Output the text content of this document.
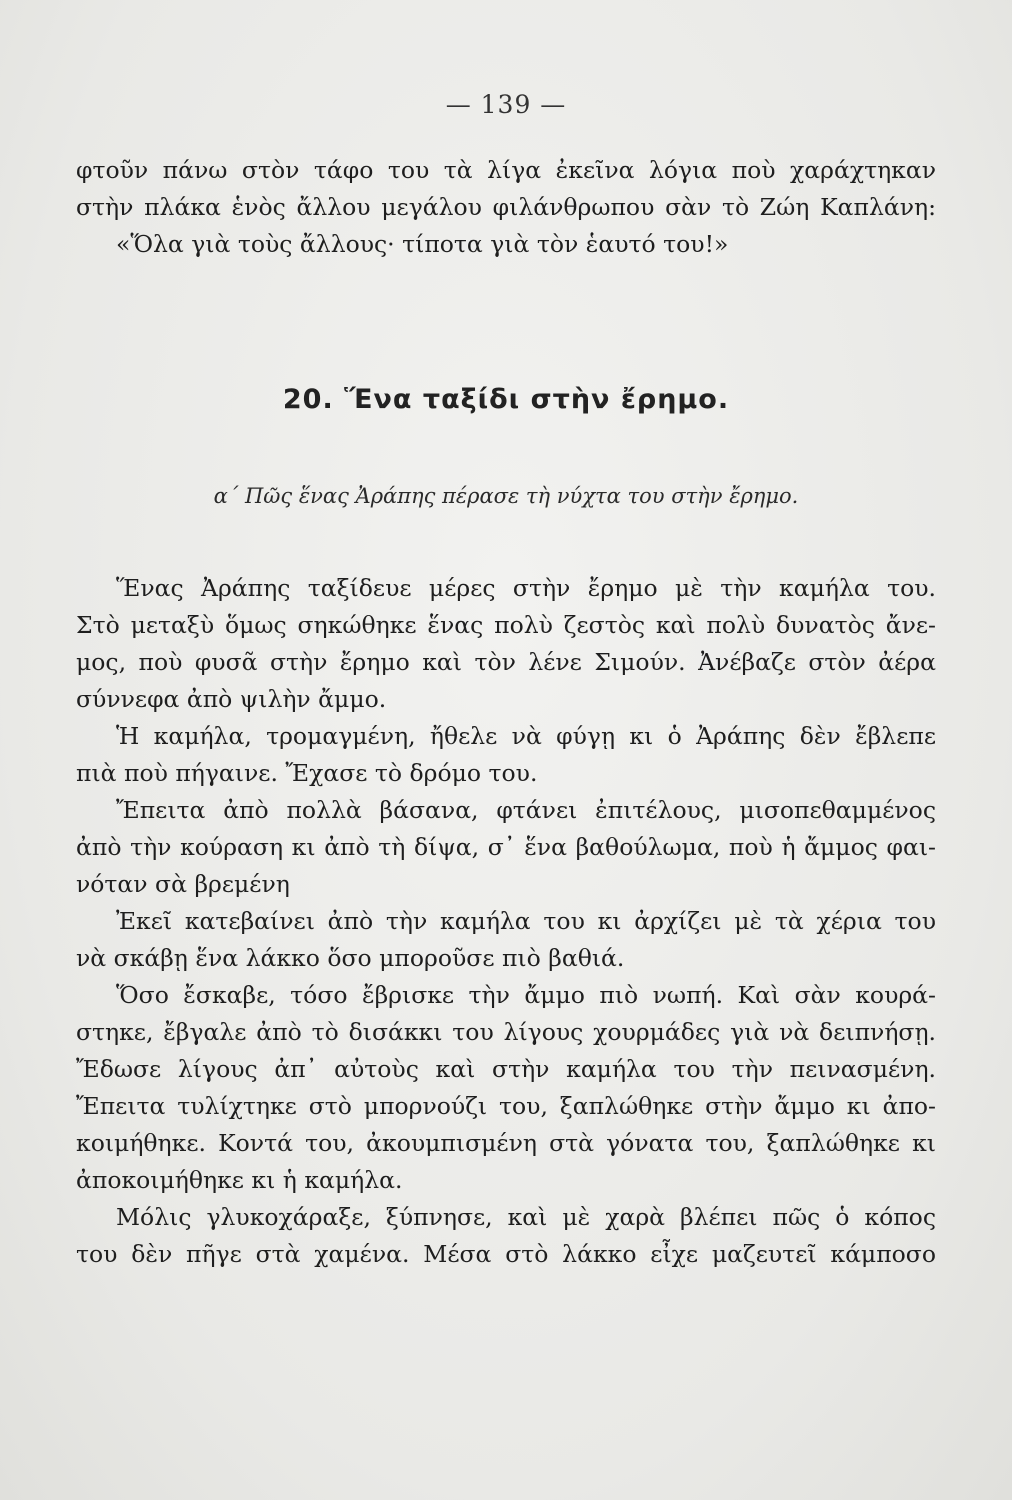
— 139 —
φτοῦν πάνω στὸν τάφο του τὰ λίγα ἐκεῖνα λόγια ποὺ χαράχτηκαν
στὴν πλάκα ἑνὸς ἄλλου μεγάλου φιλάνθρωπου σὰν τὸ Ζώη Καπλάνη:
«Ὅλα γιὰ τοὺς ἄλλους· τίποτα γιὰ τὸν ἑαυτό του!»
20. Ἕνα ταξίδι στὴν ἔρημο.
α΄ Πῶς ἕνας Ἀράπης πέρασε τὴ νύχτα του στὴν ἔρημο.
Ἕνας Ἀράπης ταξίδευε μέρες στὴν ἔρημο μὲ τὴν καμήλα του.
Στὸ μεταξὺ ὅμως σηκώθηκε ἕνας πολὺ ζεστὸς καὶ πολὺ δυνατὸς ἄνε-
μος, ποὺ φυσᾶ στὴν ἔρημο καὶ τὸν λένε Σιμούν. Ἀνέβαζε στὸν ἀέρα
σύννεφα ἀπὸ ψιλὴν ἄμμο.
Ἡ καμήλα, τρομαγμένη, ἤθελε νὰ φύγῃ κι ὁ Ἀράπης δὲν ἔβλεπε
πιὰ ποὺ πήγαινε. Ἔχασε τὸ δρόμο του.
Ἔπειτα ἀπὸ πολλὰ βάσανα, φτάνει ἐπιτέλους, μισοπεθαμμένος
ἀπὸ τὴν κούραση κι ἀπὸ τὴ δίψα, σ᾿ ἕνα βαθούλωμα, ποὺ ἡ ἄμμος φαι-
νόταν σὰ βρεμένη
Ἐκεῖ κατεβαίνει ἀπὸ τὴν καμήλα του κι ἀρχίζει μὲ τὰ χέρια του
νὰ σκάβῃ ἕνα λάκκο ὅσο μποροῦσε πιὸ βαθιά.
Ὅσο ἔσκαβε, τόσο ἔβρισκε τὴν ἄμμο πιὸ νωπή. Καὶ σὰν κουρά-
στηκε, ἔβγαλε ἀπὸ τὸ δισάκκι του λίγους χουρμάδες γιὰ νὰ δειπνήσῃ.
Ἔδωσε λίγους ἀπ᾿ αὐτοὺς καὶ στὴν καμήλα του τὴν πεινασμένη.
Ἔπειτα τυλίχτηκε στὸ μπορνούζι του, ξαπλώθηκε στὴν ἄμμο κι ἀπο-
κοιμήθηκε. Κοντά του, ἀκουμπισμένη στὰ γόνατα του, ξαπλώθηκε κι
ἀποκοιμήθηκε κι ἡ καμήλα.
Μόλις γλυκοχάραξε, ξύπνησε, καὶ μὲ χαρὰ βλέπει πῶς ὁ κόπος
του δὲν πῆγε στὰ χαμένα. Μέσα στὸ λάκκο εἶχε μαζευτεῖ κάμποσο
